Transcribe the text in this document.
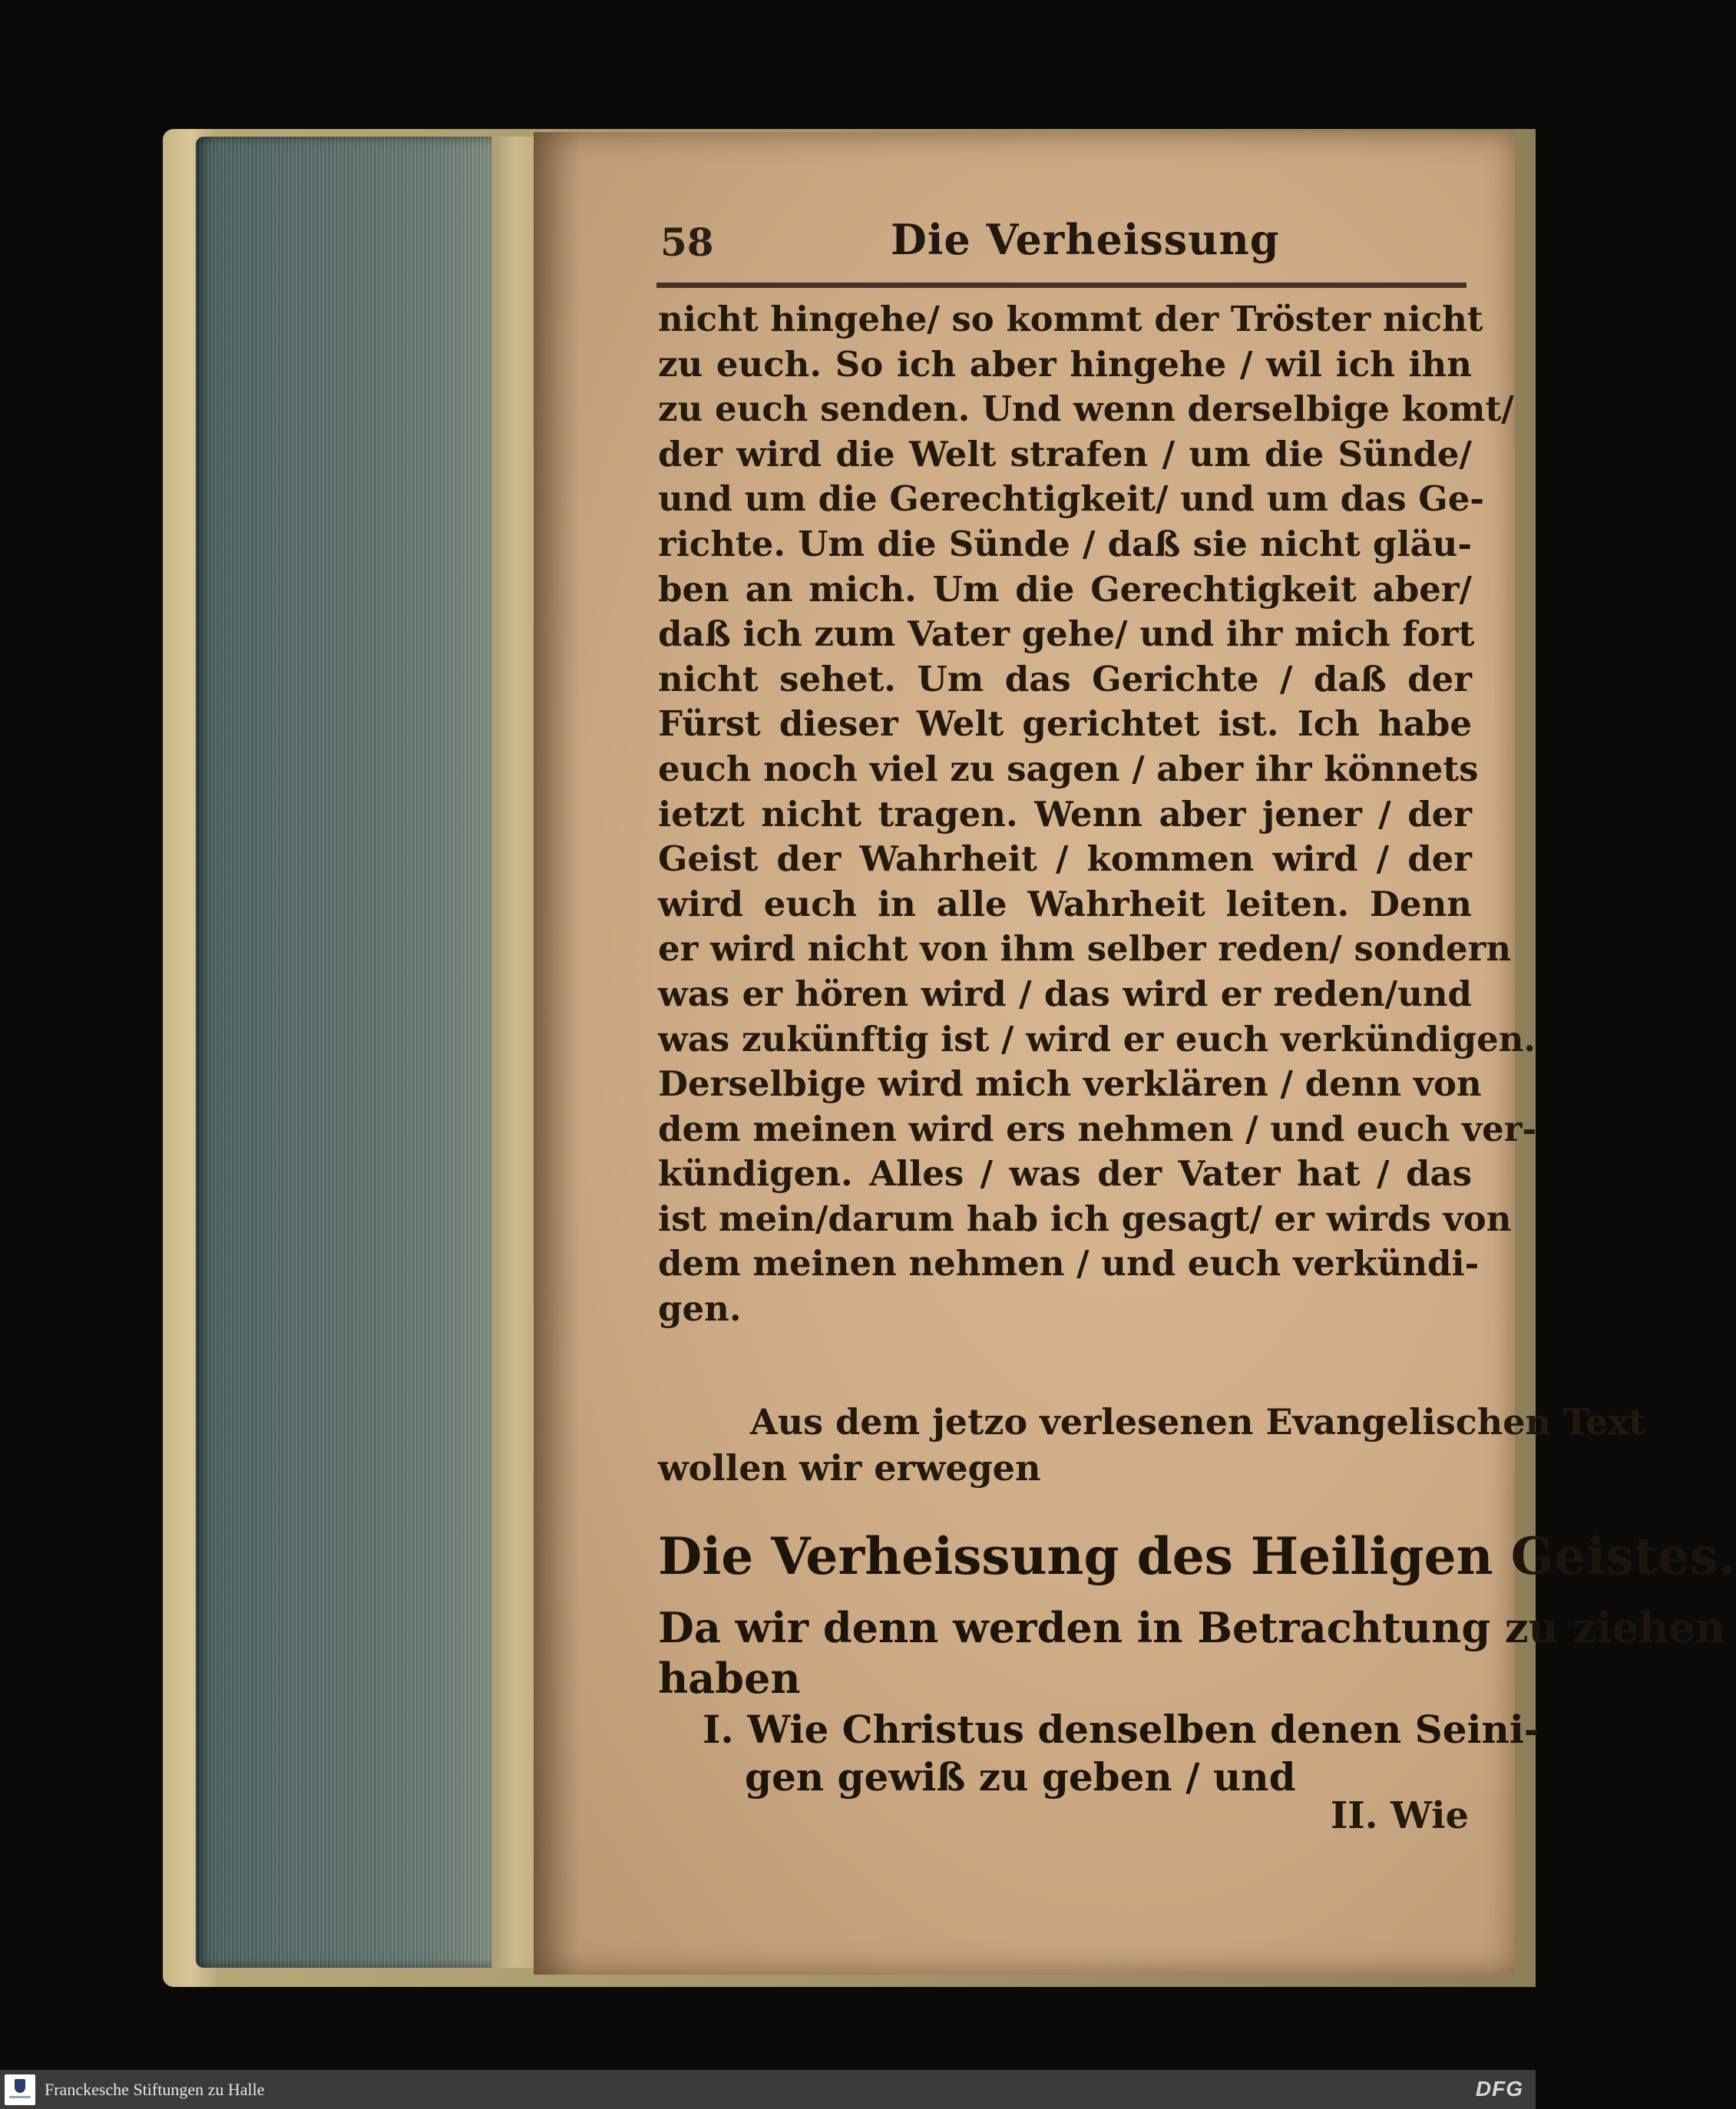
58	Die Verheissung
nicht hingehe/ so kommt der Tröster nicht
zu euch. So ich aber hingehe / wil ich ihn
zu euch senden. Und wenn derselbige komt/
der wird die Welt strafen / um die Sünde/
und um die Gerechtigkeit/ und um das Ge-
richte. Um die Sünde / daß sie nicht gläu-
ben an mich. Um die Gerechtigkeit aber/
daß ich zum Vater gehe/ und ihr mich fort
nicht sehet. Um das Gerichte / daß der
Fürst dieser Welt gerichtet ist. Ich habe
euch noch viel zu sagen / aber ihr könnets
ietzt nicht tragen. Wenn aber jener / der
Geist der Wahrheit / kommen wird / der
wird euch in alle Wahrheit leiten. Denn
er wird nicht von ihm selber reden/ sondern
was er hören wird / das wird er reden/und
was zukünftig ist / wird er euch verkündigen.
Derselbige wird mich verklären / denn von
dem meinen wird ers nehmen / und euch ver-
kündigen. Alles / was der Vater hat / das
ist mein/darum hab ich gesagt/ er wirds von
dem meinen nehmen / und euch verkündi-
gen.
Aus dem jetzo verlesenen Evangelischen Text
wollen wir erwegen
Die Verheissung des Heiligen Geistes.
Da wir denn werden in Betrachtung zu ziehen
haben
I. Wie Christus denselben denen Seini-
gen gewiß zu geben / und
II. Wie
Franckesche Stiftungen zu Halle	DFG
